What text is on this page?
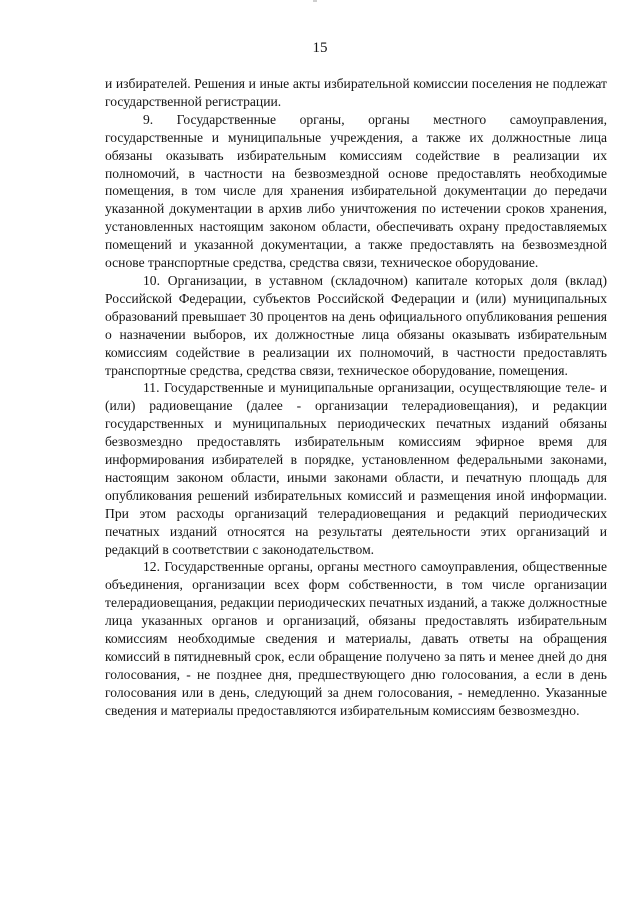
15

и избирателей. Решения и иные акты избирательной комиссии поселения не подлежат государственной регистрации.

9. Государственные органы, органы местного самоуправления, государственные и муниципальные учреждения, а также их должностные лица обязаны оказывать избирательным комиссиям содействие в реализации их полномочий, в частности на безвозмездной основе предоставлять необходимые помещения, в том числе для хранения избирательной документации до передачи указанной документации в архив либо уничтожения по истечении сроков хранения, установленных настоящим законом области, обеспечивать охрану предоставляемых помещений и указанной документации, а также предоставлять на безвозмездной основе транспортные средства, средства связи, техническое оборудование.

10. Организации, в уставном (складочном) капитале которых доля (вклад) Российской Федерации, субъектов Российской Федерации и (или) муниципальных образований превышает 30 процентов на день официального опубликования решения о назначении выборов, их должностные лица обязаны оказывать избирательным комиссиям содействие в реализации их полномочий, в частности предоставлять транспортные средства, средства связи, техническое оборудование, помещения.

11. Государственные и муниципальные организации, осуществляющие теле- и (или) радиовещание (далее - организации телерадиовещания), и редакции государственных и муниципальных периодических печатных изданий обязаны безвозмездно предоставлять избирательным комиссиям эфирное время для информирования избирателей в порядке, установленном федеральными законами, настоящим законом области, иными законами области, и печатную площадь для опубликования решений избирательных комиссий и размещения иной информации. При этом расходы организаций телерадиовещания и редакций периодических печатных изданий относятся на результаты деятельности этих организаций и редакций в соответствии с законодательством.

12. Государственные органы, органы местного самоуправления, общественные объединения, организации всех форм собственности, в том числе организации телерадиовещания, редакции периодических печатных изданий, а также должностные лица указанных органов и организаций, обязаны предоставлять избирательным комиссиям необходимые сведения и материалы, давать ответы на обращения комиссий в пятидневный срок, если обращение получено за пять и менее дней до дня голосования, - не позднее дня, предшествующего дню голосования, а если в день голосования или в день, следующий за днем голосования, - немедленно. Указанные сведения и материалы предоставляются избирательным комиссиям безвозмездно.
